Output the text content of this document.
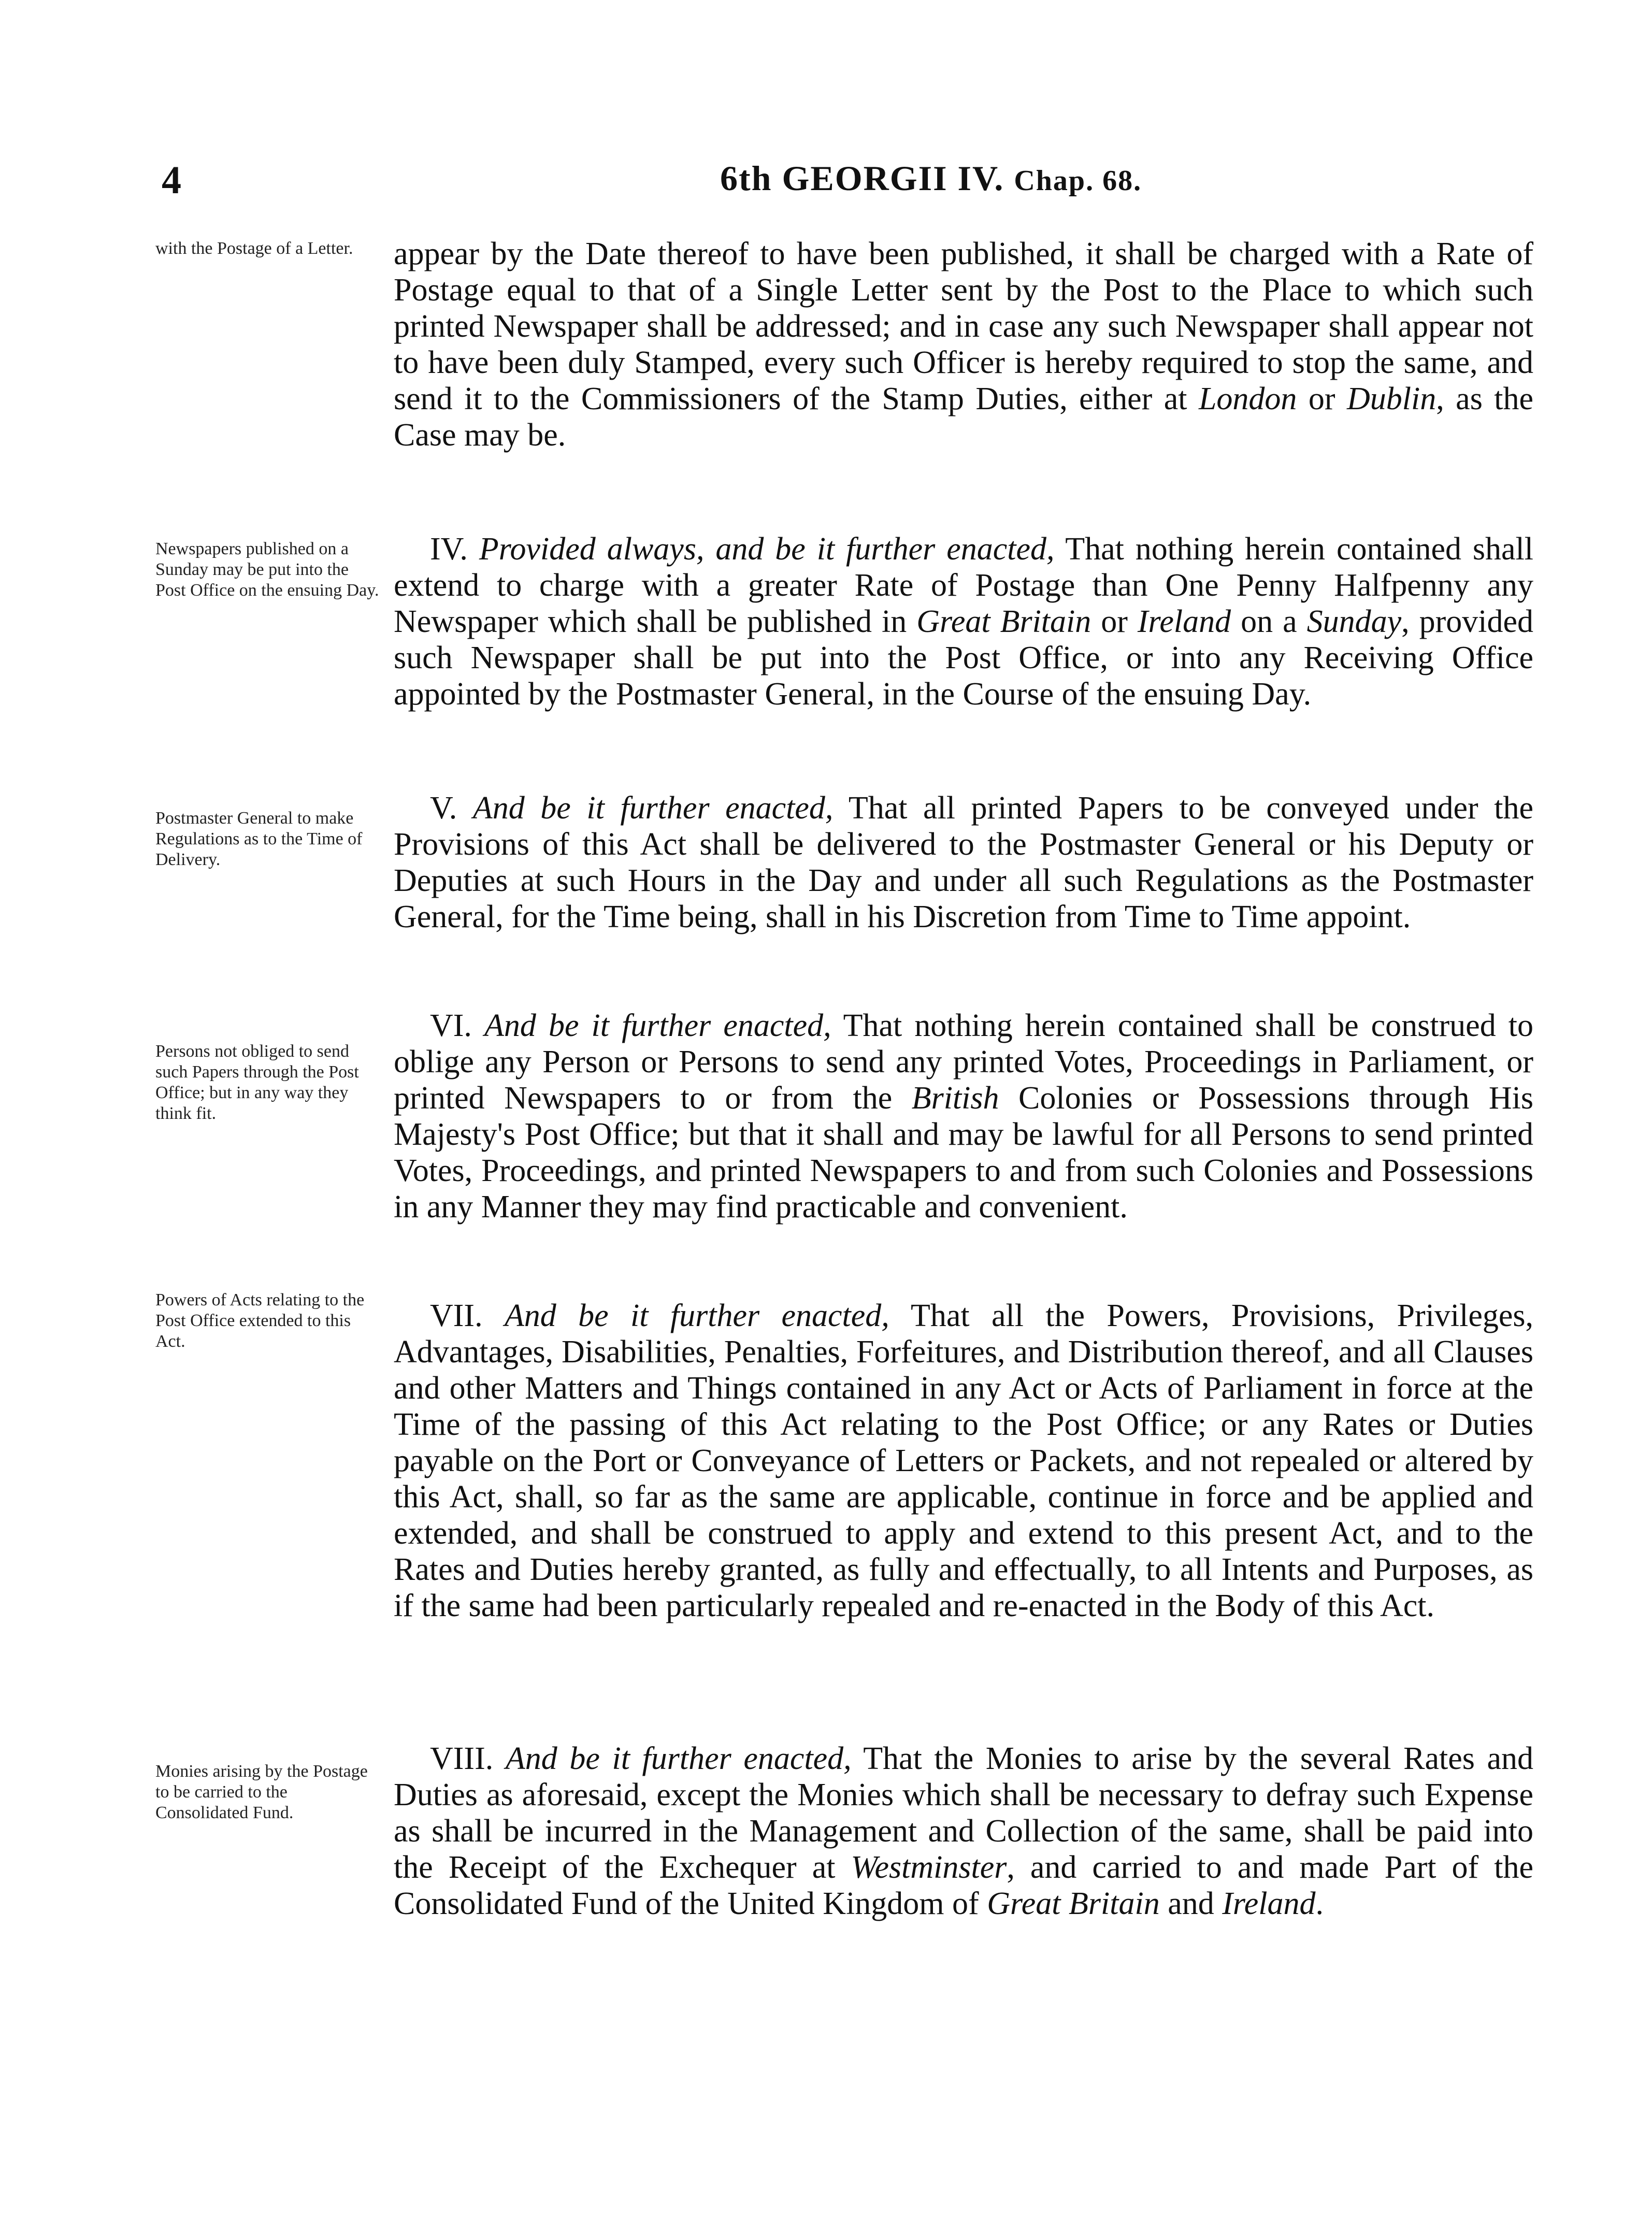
4	6th GEORGII IV. Chap. 68.
with the Postage of a Letter.
Newspapers published on a Sunday may be put into the Post Office on the ensuing Day.
Postmaster General to make Regulations as to the Time of Delivery.
Persons not obliged to send such Papers through the Post Office; but in any way they think fit.
Powers of Acts relating to the Post Office extended to this Act.
Monies arising by the Postage to be carried to the Consolidated Fund.
appear by the Date thereof to have been published, it shall be charged with a Rate of Postage equal to that of a Single Letter sent by the Post to the Place to which such printed Newspaper shall be addressed; and in case any such Newspaper shall appear not to have been duly Stamped, every such Officer is hereby required to stop the same, and send it to the Commissioners of the Stamp Duties, either at London or Dublin, as the Case may be.
IV. Provided always, and be it further enacted, That nothing herein contained shall extend to charge with a greater Rate of Postage than One Penny Halfpenny any Newspaper which shall be published in Great Britain or Ireland on a Sunday, provided such Newspaper shall be put into the Post Office, or into any Receiving Office appointed by the Postmaster General, in the Course of the ensuing Day.
V. And be it further enacted, That all printed Papers to be conveyed under the Provisions of this Act shall be delivered to the Postmaster General or his Deputy or Deputies at such Hours in the Day and under all such Regulations as the Postmaster General, for the Time being, shall in his Discretion from Time to Time appoint.
VI. And be it further enacted, That nothing herein contained shall be construed to oblige any Person or Persons to send any printed Votes, Proceedings in Parliament, or printed Newspapers to or from the British Colonies or Possessions through His Majesty's Post Office; but that it shall and may be lawful for all Persons to send printed Votes, Proceedings, and printed Newspapers to and from such Colonies and Possessions in any Manner they may find practicable and convenient.
VII. And be it further enacted, That all the Powers, Provisions, Privileges, Advantages, Disabilities, Penalties, Forfeitures, and Distribution thereof, and all Clauses and other Matters and Things contained in any Act or Acts of Parliament in force at the Time of the passing of this Act relating to the Post Office; or any Rates or Duties payable on the Port or Conveyance of Letters or Packets, and not repealed or altered by this Act, shall, so far as the same are applicable, continue in force and be applied and extended, and shall be construed to apply and extend to this present Act, and to the Rates and Duties hereby granted, as fully and effectually, to all Intents and Purposes, as if the same had been particularly repealed and re-enacted in the Body of this Act.
VIII. And be it further enacted, That the Monies to arise by the several Rates and Duties as aforesaid, except the Monies which shall be necessary to defray such Expense as shall be incurred in the Management and Collection of the same, shall be paid into the Receipt of the Exchequer at Westminster, and carried to and made Part of the Consolidated Fund of the United Kingdom of Great Britain and Ireland.
